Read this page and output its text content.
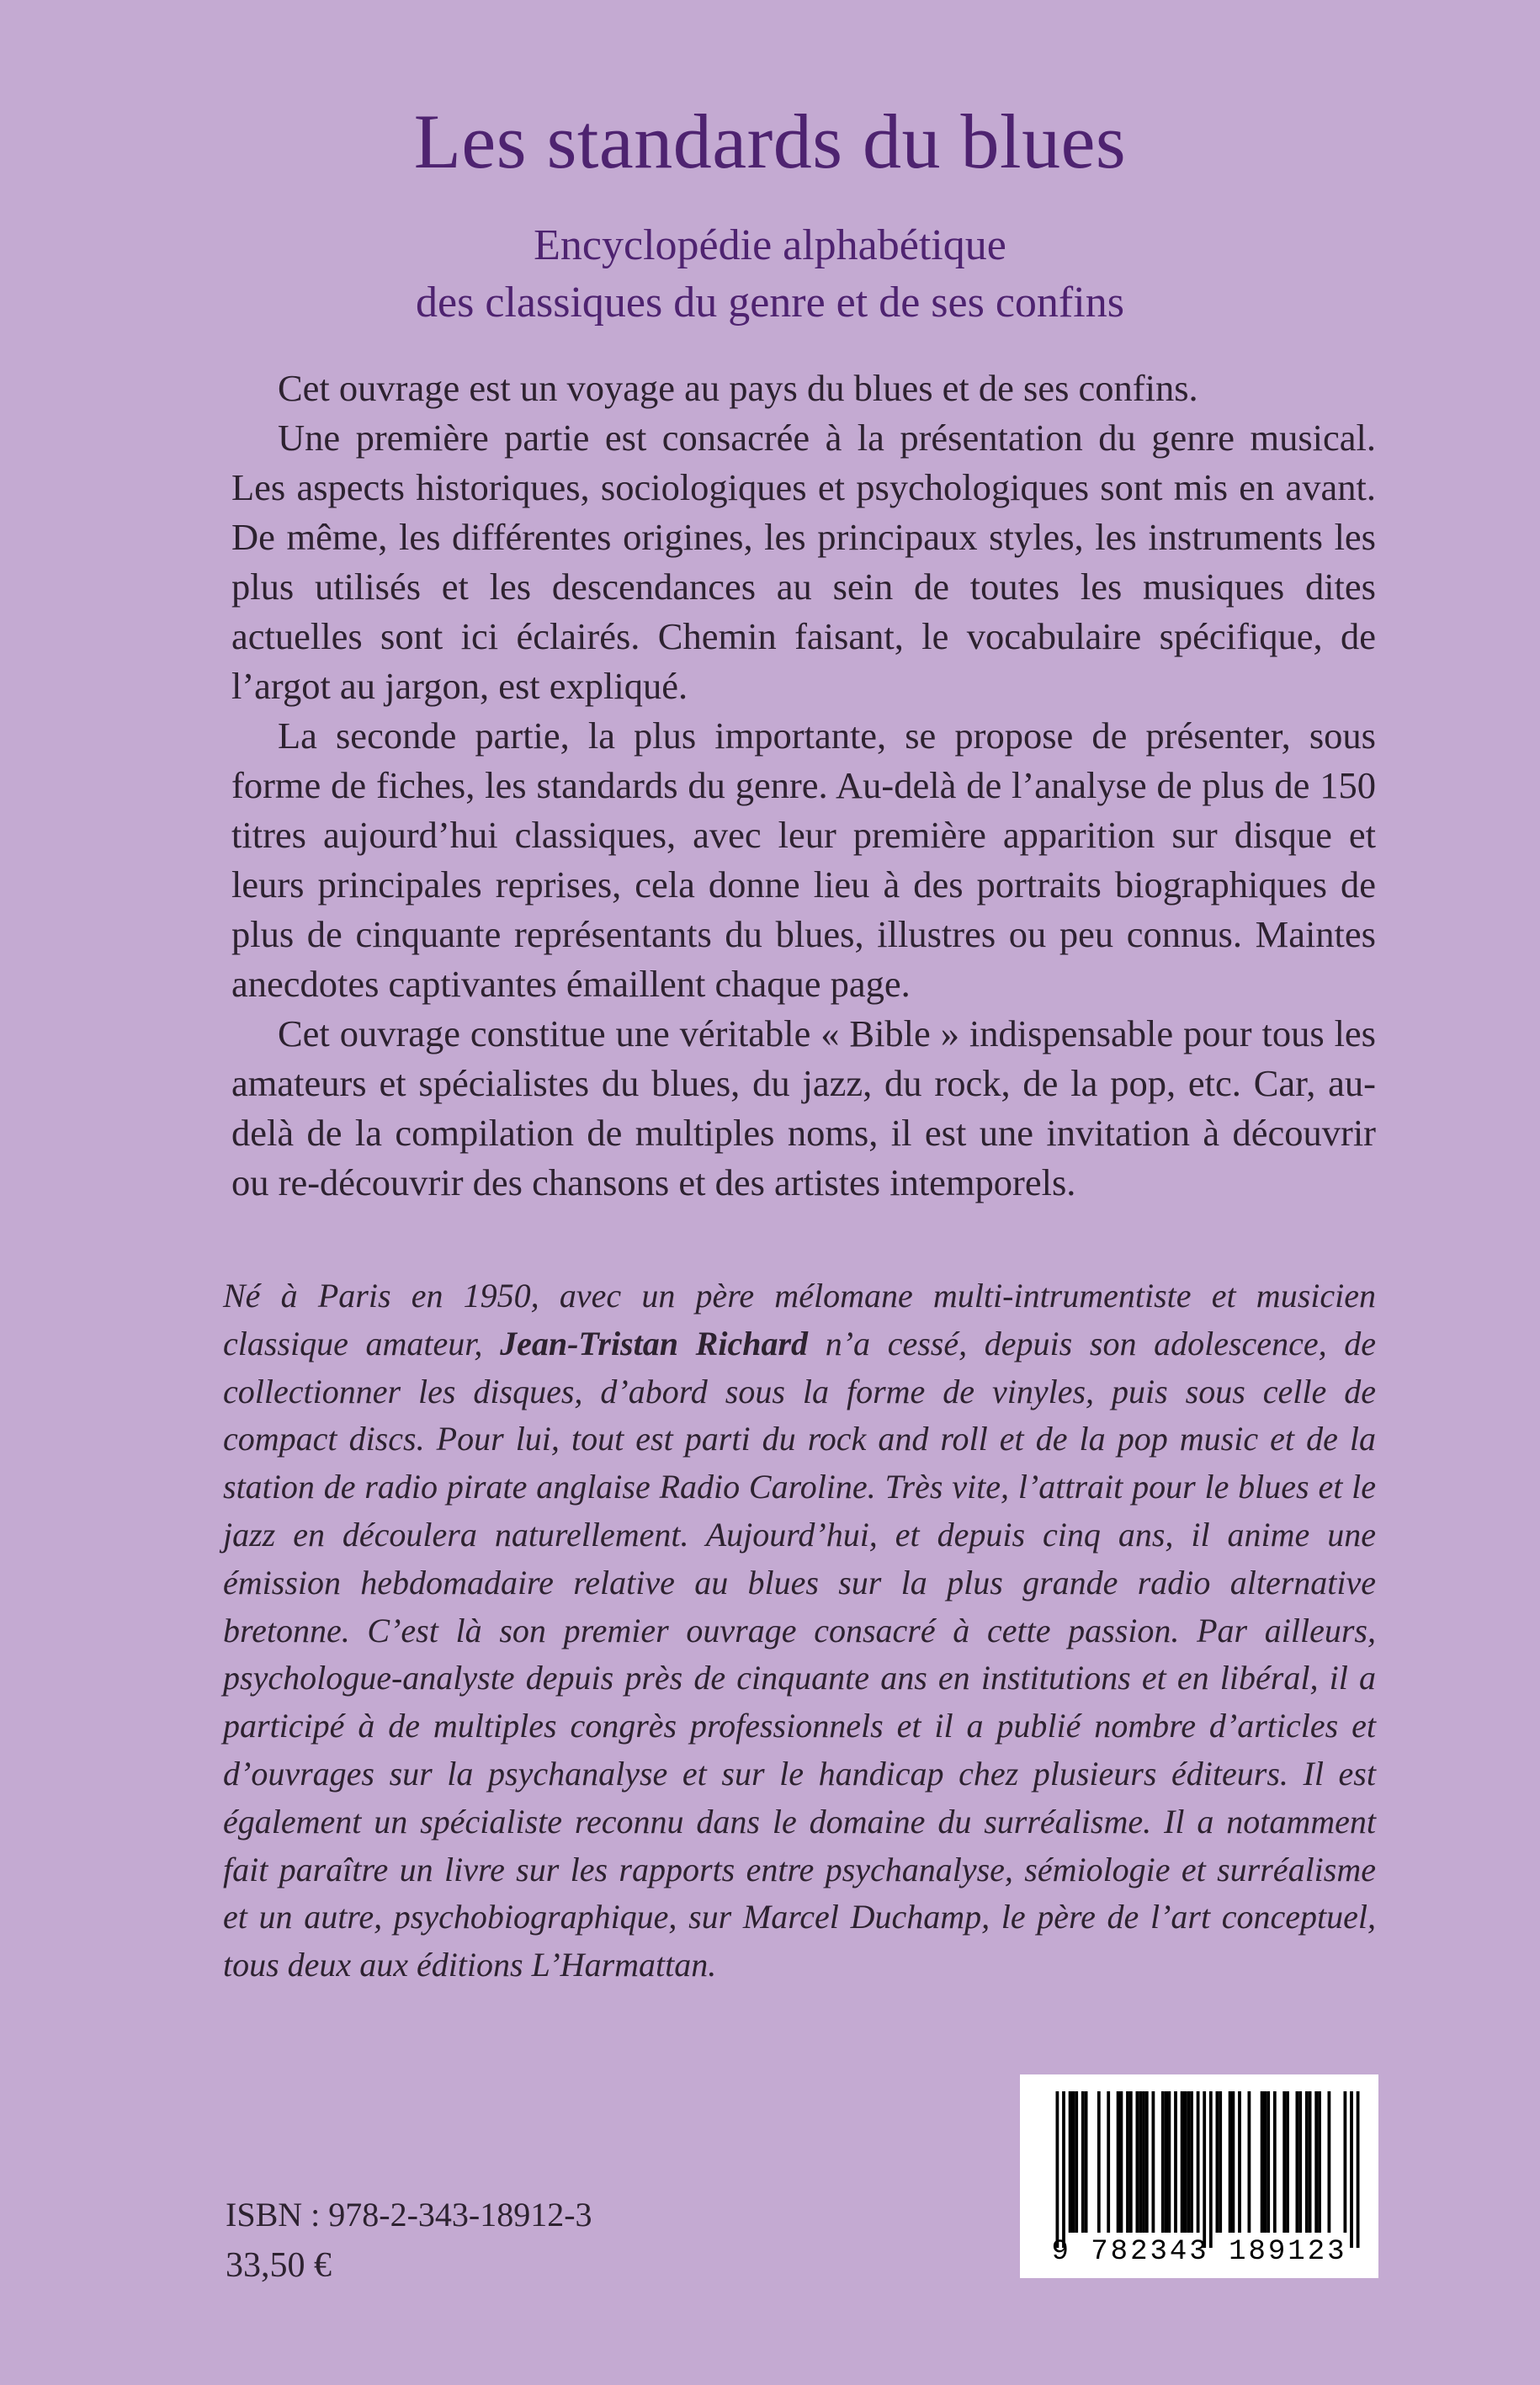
Les standards du blues
Encyclopédie alphabétique
des classiques du genre et de ses confins

Cet ouvrage est un voyage au pays du blues et de ses confins.

Une première partie est consacrée à la présentation du genre musical. Les aspects historiques, sociologiques et psychologiques sont mis en avant. De même, les différentes origines, les principaux styles, les instruments les plus utilisés et les descendances au sein de toutes les musiques dites actuelles sont ici éclairés. Chemin faisant, le vocabulaire spécifique, de l’argot au jargon, est expliqué.

La seconde partie, la plus importante, se propose de présenter, sous forme de fiches, les standards du genre. Au-delà de l’analyse de plus de 150 titres aujourd’hui classiques, avec leur première apparition sur disque et leurs principales reprises, cela donne lieu à des portraits biographiques de plus de cinquante représentants du blues, illustres ou peu connus. Maintes anecdotes captivantes émaillent chaque page.

Cet ouvrage constitue une véritable « Bible » indispensable pour tous les amateurs et spécialistes du blues, du jazz, du rock, de la pop, etc. Car, au-delà de la compilation de multiples noms, il est une invitation à découvrir ou re-découvrir des chansons et des artistes intemporels.

Né à Paris en 1950, avec un père mélomane multi-intrumentiste et musicien classique amateur, Jean-Tristan Richard n’a cessé, depuis son adolescence, de collectionner les disques, d’abord sous la forme de vinyles, puis sous celle de compact discs. Pour lui, tout est parti du rock and roll et de la pop music et de la station de radio pirate anglaise Radio Caroline. Très vite, l’attrait pour le blues et le jazz en découlera naturellement. Aujourd’hui, et depuis cinq ans, il anime une émission hebdomadaire relative au blues sur la plus grande radio alternative bretonne. C’est là son premier ouvrage consacré à cette passion. Par ailleurs, psychologue-analyste depuis près de cinquante ans en institutions et en libéral, il a participé à de multiples congrès professionnels et il a publié nombre d’articles et d’ouvrages sur la psychanalyse et sur le handicap chez plusieurs éditeurs. Il est également un spécialiste reconnu dans le domaine du surréalisme. Il a notamment fait paraître un livre sur les rapports entre psychanalyse, sémiologie et surréalisme et un autre, psychobiographique, sur Marcel Duchamp, le père de l’art conceptuel, tous deux aux éditions L’Harmattan.

9 782343 189123
ISBN : 978-2-343-18912-3
33,50 €
